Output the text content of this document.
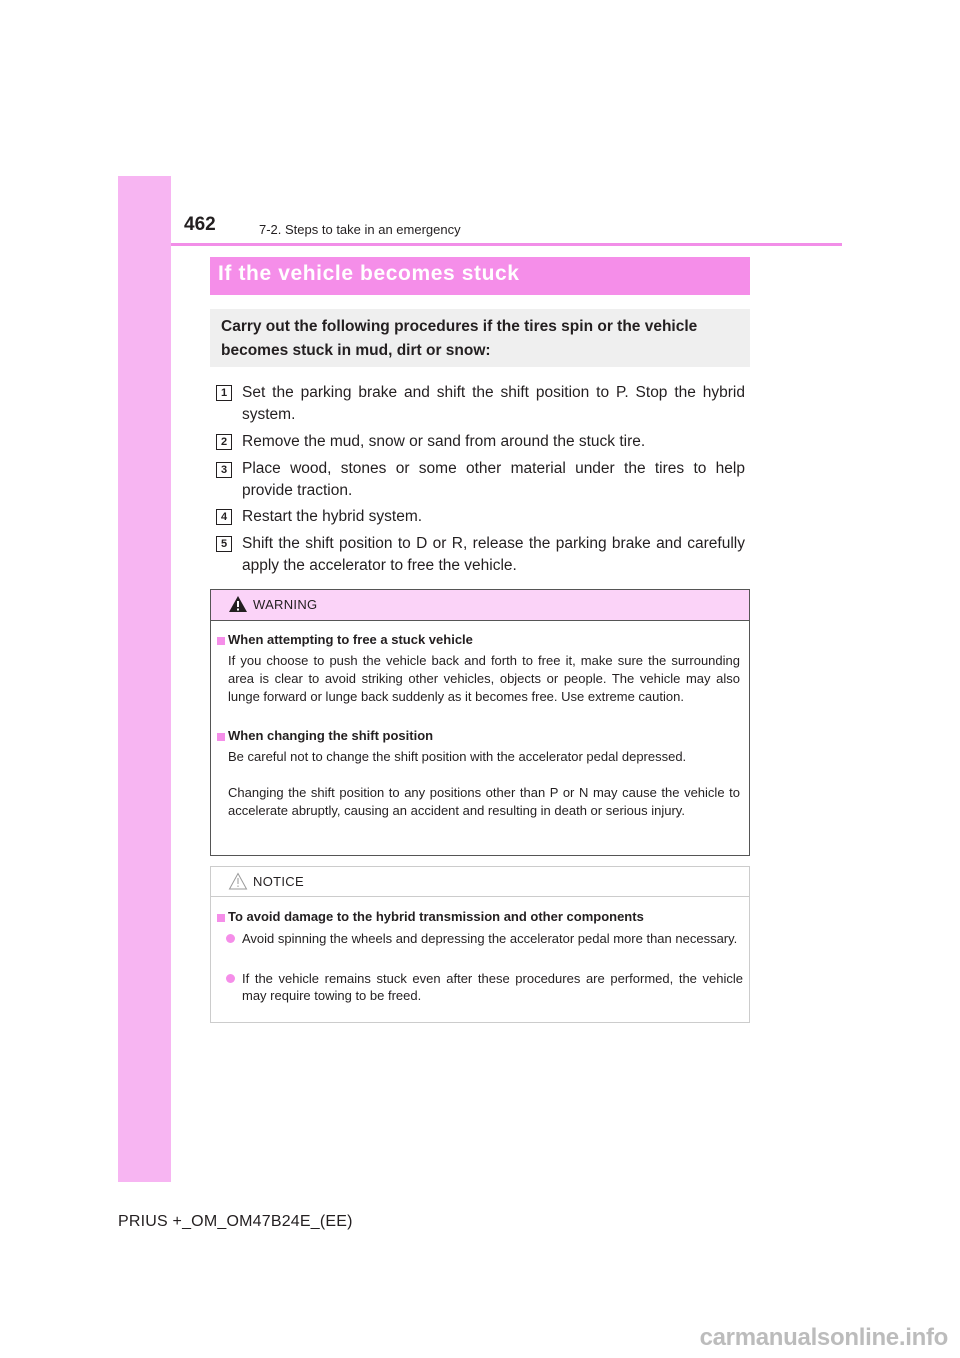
462	7-2. Steps to take in an emergency
If the vehicle becomes stuck
Carry out the following procedures if the tires spin or the vehicle becomes stuck in mud, dirt or snow:
1 Set the parking brake and shift the shift position to P. Stop the hybrid system.
2 Remove the mud, snow or sand from around the stuck tire.
3 Place wood, stones or some other material under the tires to help provide traction.
4 Restart the hybrid system.
5 Shift the shift position to D or R, release the parking brake and carefully apply the accelerator to free the vehicle.
WARNING
When attempting to free a stuck vehicle
If you choose to push the vehicle back and forth to free it, make sure the surrounding area is clear to avoid striking other vehicles, objects or people. The vehicle may also lunge forward or lunge back suddenly as it becomes free. Use extreme caution.
When changing the shift position
Be careful not to change the shift position with the accelerator pedal depressed.
Changing the shift position to any positions other than P or N may cause the vehicle to accelerate abruptly, causing an accident and resulting in death or serious injury.
NOTICE
To avoid damage to the hybrid transmission and other components
Avoid spinning the wheels and depressing the accelerator pedal more than necessary.
If the vehicle remains stuck even after these procedures are performed, the vehicle may require towing to be freed.
PRIUS +_OM_OM47B24E_(EE)
carmanualsonline.info
